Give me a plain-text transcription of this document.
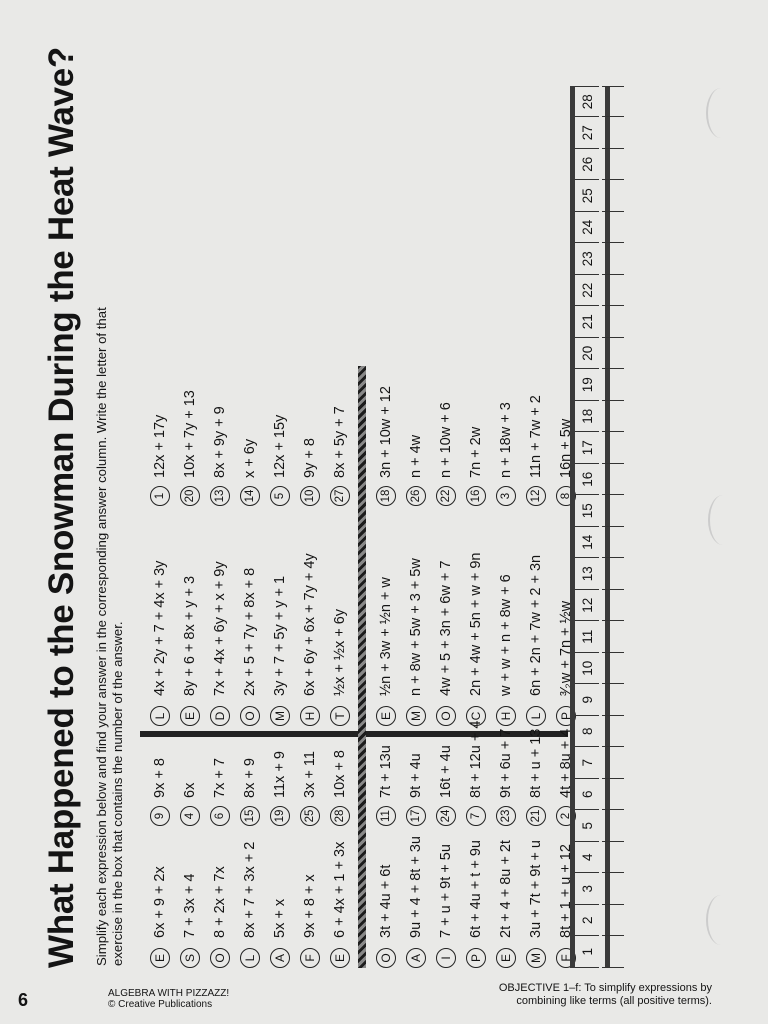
What Happened to the Snowman During the Heat Wave? Simplify each expression below and find your answer in the corresponding answer column. Write the letter of that exercise in the box that contains the number of the answer. E
6x + 9 + 2x
S
7 + 3x + 4
O
8 + 2x + 7x
L
8x + 7 + 3x + 2
A
5x + x
F
9x + 8 + x
E
6 + 4x + 1 + 3x
9
9x + 8
4
6x
6
7x + 7
15
8x + 9
19
11x + 9
25
3x + 11
28
10x + 8
L
4x + 2y + 7 + 4x + 3y
E
8y + 6 + 8x + y + 3
D
7x + 4x + 6y + x + 9y
O
2x + 5 + 7y + 8x + 8
M
3y + 7 + 5y + y + 1
H
6x + 6y + 6x + 7y + 4y
T
½x + ½x + 6y
1
12x + 17y
20
10x + 7y + 13
13
8x + 9y + 9
14
x + 6y
5
12x + 15y
10
9y + 8
27
8x + 5y + 7
O
3t + 4u + 6t
A
9u + 4 + 8t + 3u
I
7 + u + 9t + 5u
P
6t + 4u + t + 9u
E
2t + 4 + 8u + 2t
M
3u + 7t + 9t + u
F
8t + 1 + u + 12
11
7t + 13u
17
9t + 4u
24
16t + 4u
7
8t + 12u + 4
23
9t + 6u + 7
21
8t + u + 13
2
4t + 8u + 4
E
½n + 3w + ½n + w
M
n + 8w + 5w + 3 + 5w
O
4w + 5 + 3n + 6w + 7
C
2n + 4w + 5n + w + 9n
H
w + w + n + 8w + 6
L
6n + 2n + 7w + 2 + 3n
P
³⁄₂w + 7n + ½w
18
3n + 10w + 12
26
n + 4w
22
n + 10w + 6
16
7n + 2w
3
n + 18w + 3
12
11n + 7w + 2
8
16n + 5w
1
2
3
4
5
6
7
8
9
10
11
12
13
14
15
16
17
18
19
20
21
22
23
24
25
26
27
28
6	ALGEBRA WITH PIZZAZZ!
© Creative Publications
OBJECTIVE 1–f: To simplify expressions by
combining like terms (all positive terms).
